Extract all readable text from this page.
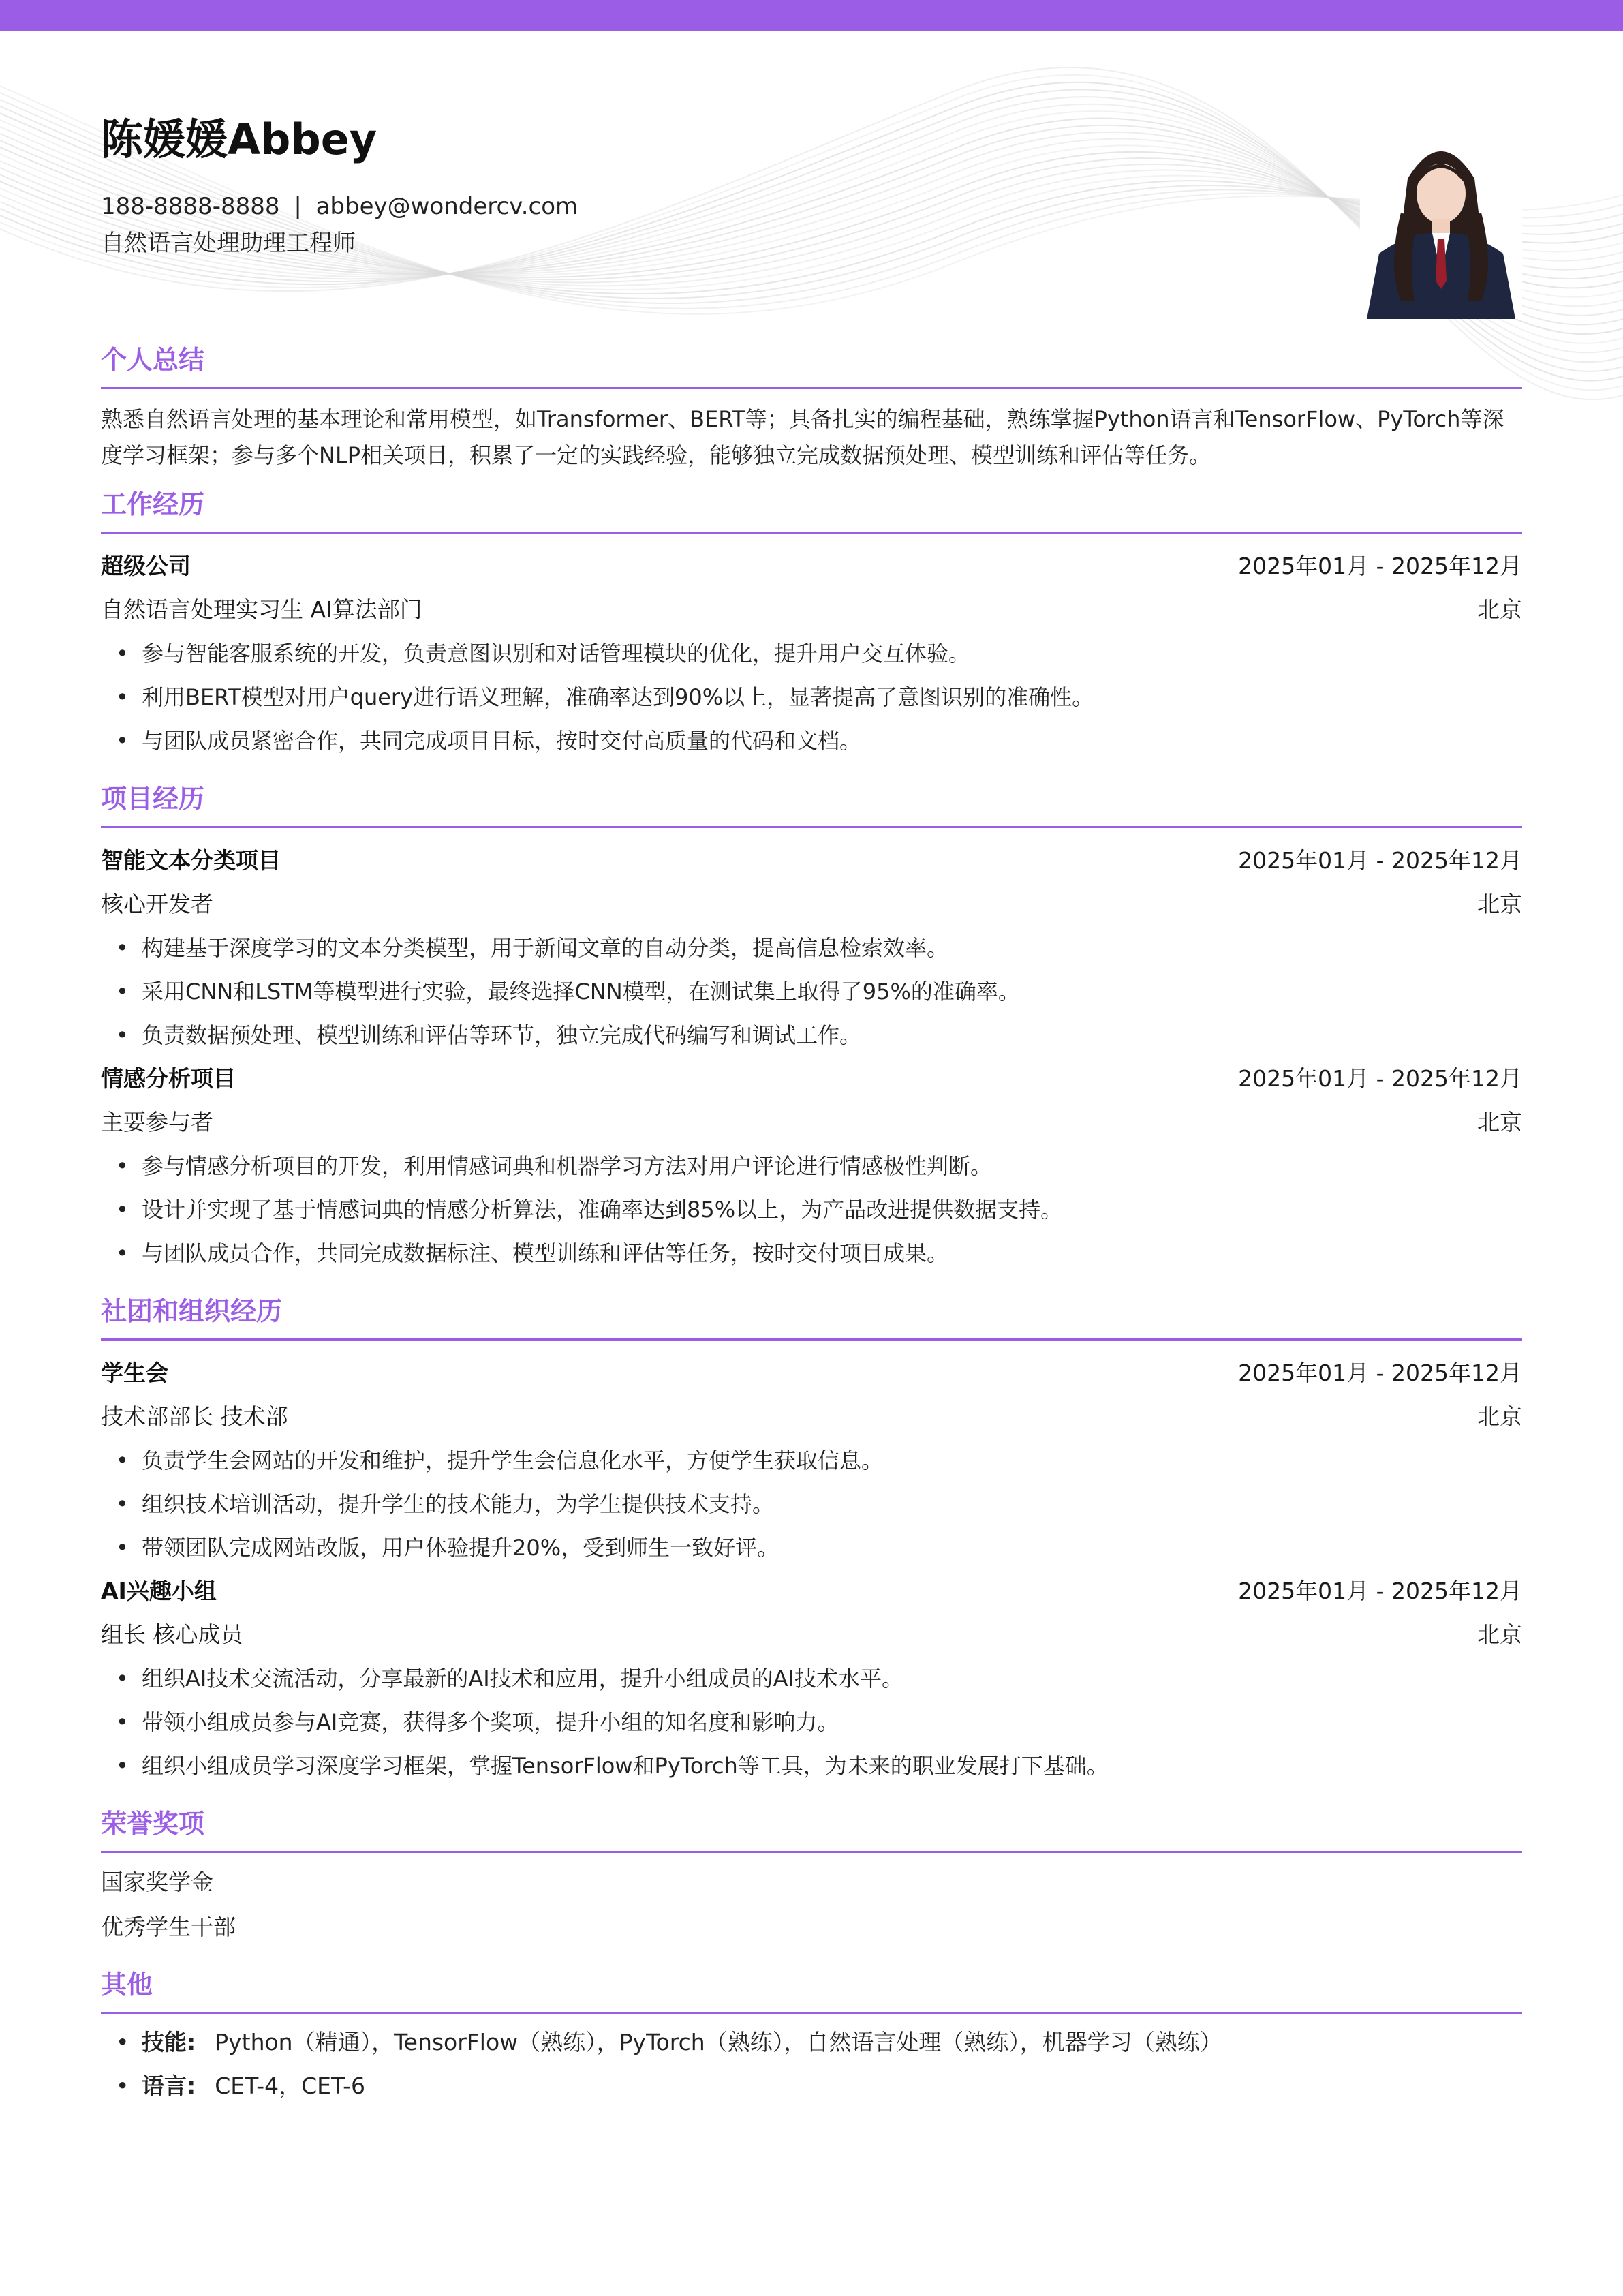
陈媛媛Abbey
188-8888-8888 | abbey@wondercv.com
自然语言处理助理工程师
个人总结
熟悉自然语言处理的基本理论和常用模型，如Transformer、BERT等；具备扎实的编程基础，熟练掌握Python语言和TensorFlow、PyTorch等深度学习框架；参与多个NLP相关项目，积累了一定的实践经验，能够独立完成数据预处理、模型训练和评估等任务。
工作经历
超级公司	2025年01月 - 2025年12月
自然语言处理实习生 AI算法部门	北京
• 参与智能客服系统的开发，负责意图识别和对话管理模块的优化，提升用户交互体验。
• 利用BERT模型对用户query进行语义理解，准确率达到90%以上，显著提高了意图识别的准确性。
• 与团队成员紧密合作，共同完成项目目标，按时交付高质量的代码和文档。
项目经历
智能文本分类项目	2025年01月 - 2025年12月
核心开发者	北京
• 构建基于深度学习的文本分类模型，用于新闻文章的自动分类，提高信息检索效率。
• 采用CNN和LSTM等模型进行实验，最终选择CNN模型，在测试集上取得了95%的准确率。
• 负责数据预处理、模型训练和评估等环节，独立完成代码编写和调试工作。
情感分析项目	2025年01月 - 2025年12月
主要参与者	北京
• 参与情感分析项目的开发，利用情感词典和机器学习方法对用户评论进行情感极性判断。
• 设计并实现了基于情感词典的情感分析算法，准确率达到85%以上，为产品改进提供数据支持。
• 与团队成员合作，共同完成数据标注、模型训练和评估等任务，按时交付项目成果。
社团和组织经历
学生会	2025年01月 - 2025年12月
技术部部长 技术部	北京
• 负责学生会网站的开发和维护，提升学生会信息化水平，方便学生获取信息。
• 组织技术培训活动，提升学生的技术能力，为学生提供技术支持。
• 带领团队完成网站改版，用户体验提升20%，受到师生一致好评。
AI兴趣小组	2025年01月 - 2025年12月
组长 核心成员	北京
• 组织AI技术交流活动，分享最新的AI技术和应用，提升小组成员的AI技术水平。
• 带领小组成员参与AI竞赛，获得多个奖项，提升小组的知名度和影响力。
• 组织小组成员学习深度学习框架，掌握TensorFlow和PyTorch等工具，为未来的职业发展打下基础。
荣誉奖项
国家奖学金
优秀学生干部
其他
• 技能: Python（精通），TensorFlow（熟练），PyTorch（熟练），自然语言处理（熟练），机器学习（熟练）
• 语言: CET-4，CET-6
